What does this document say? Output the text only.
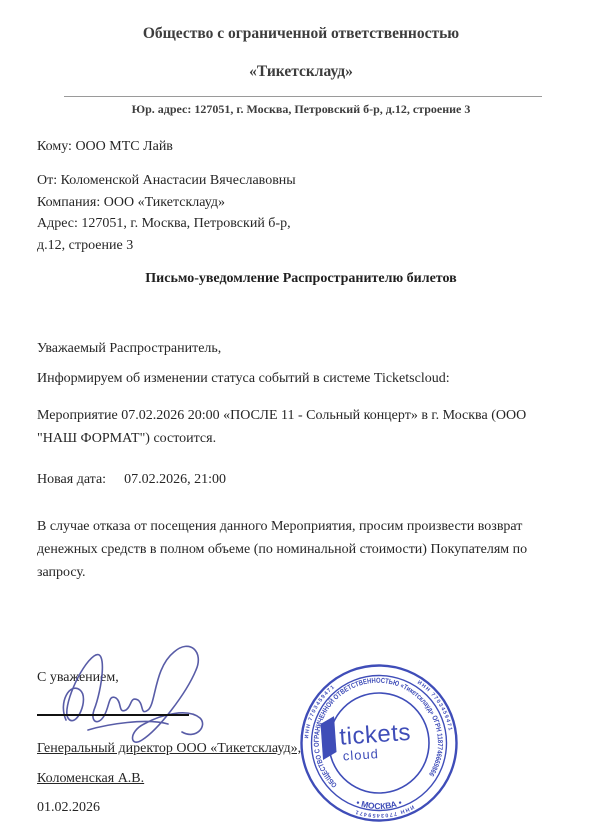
Общество с ограниченной ответственностью
«Тикетсклауд»
Юр. адрес: 127051, г. Москва, Петровский б-р, д.12, строение 3
Кому: ООО МТС Лайв
От: Коломенской Анастасии Вячеславовны
Компания: ООО «Тикетсклауд»
Адрес: 127051, г. Москва, Петровский б-р,
д.12, строение 3
Письмо-уведомление Распространителю билетов
Уважаемый Распространитель,
Информируем об изменении статуса событий в системе Ticketscloud:
Мероприятие 07.02.2026 20:00 «ПОСЛЕ 11 - Сольный концерт» в г. Москва (ООО "НАШ ФОРМАТ") состоится.
Новая дата: 07.02.2026, 21:00
В случае отказа от посещения данного Мероприятия, просим произвести возврат денежных средств в полном объеме (по номинальной стоимости) Покупателям по запросу.
С уважением,
Генеральный директор ООО «Тикетсклауд»,
Коломенская А.В.
01.02.2026
ИНН 7703459471	ИНН 7703459471 ИНН 7703459471
ОБЩЕСТВО С ОГРАНИЧЕННОЙ ОТВЕТСТВЕННОСТЬЮ «Тикетсклауд» ОГРН 1187746669866
• МОСКВА •
tickets
cloud
